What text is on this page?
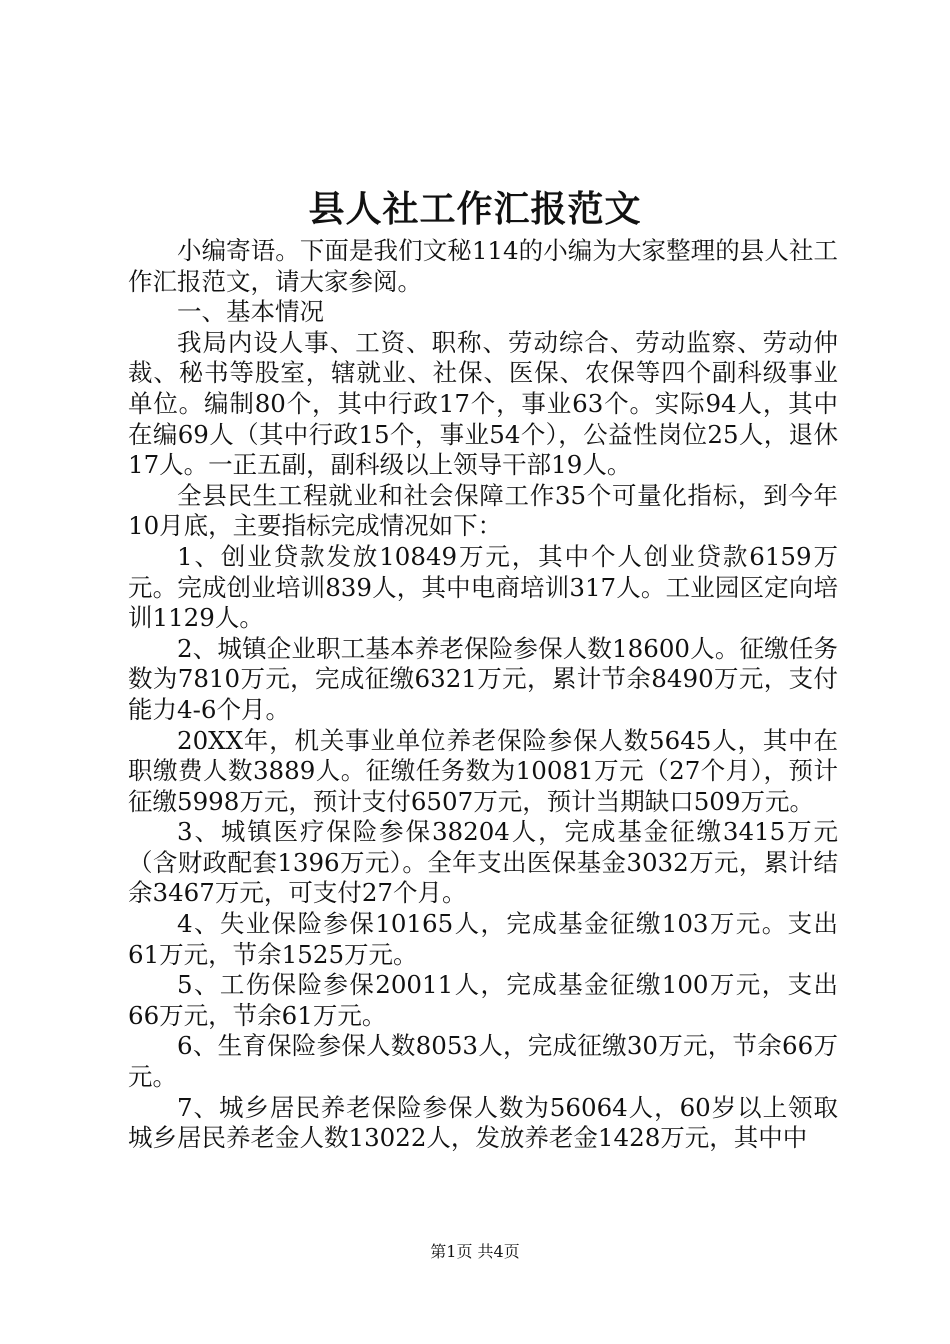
县人社工作汇报范文

小编寄语。下面是我们文秘114的小编为大家整理的县人社工作汇报范文，请大家参阅。

一、基本情况

我局内设人事、工资、职称、劳动综合、劳动监察、劳动仲裁、秘书等股室，辖就业、社保、医保、农保等四个副科级事业单位。编制80个，其中行政17个，事业63个。实际94人，其中在编69人（其中行政15个，事业54个），公益性岗位25人，退休17人。一正五副，副科级以上领导干部19人。

全县民生工程就业和社会保障工作35个可量化指标，到今年10月底，主要指标完成情况如下：

1、创业贷款发放10849万元，其中个人创业贷款6159万元。完成创业培训839人，其中电商培训317人。工业园区定向培训1129人。

2、城镇企业职工基本养老保险参保人数18600人。征缴任务数为7810万元，完成征缴6321万元，累计节余8490万元，支付能力4-6个月。

20XX年，机关事业单位养老保险参保人数5645人，其中在职缴费人数3889人。征缴任务数为10081万元（27个月），预计征缴5998万元，预计支付6507万元，预计当期缺口509万元。

3、城镇医疗保险参保38204人，完成基金征缴3415万元（含财政配套1396万元）。全年支出医保基金3032万元，累计结余3467万元，可支付27个月。

4、失业保险参保10165人，完成基金征缴103万元。支出61万元，节余1525万元。

5、工伤保险参保20011人，完成基金征缴100万元，支出66万元，节余61万元。

6、生育保险参保人数8053人，完成征缴30万元，节余66万元。

7、城乡居民养老保险参保人数为56064人，60岁以上领取城乡居民养老金人数13022人，发放养老金1428万元，其中中

第1页 共4页
